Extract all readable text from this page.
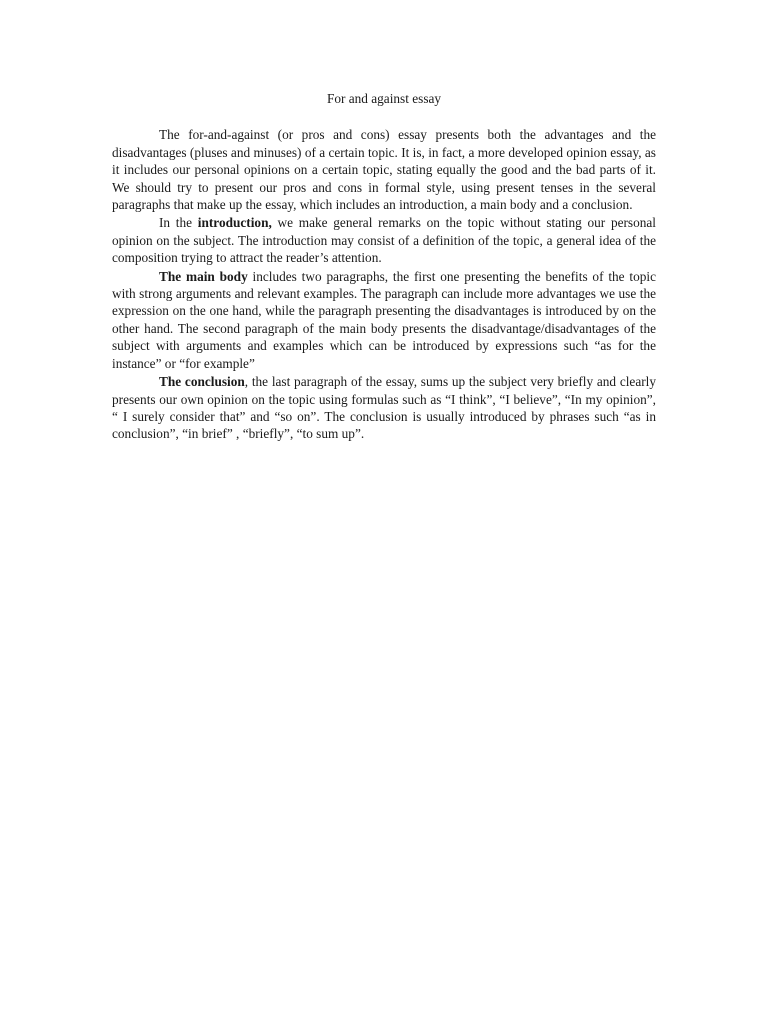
For and against essay

The for-and-against (or pros and cons) essay presents both the advantages and the disadvantages (pluses and minuses) of a certain topic. It is, in fact, a more developed opinion essay, as it includes our personal opinions on a certain topic, stating equally the good and the bad parts of it. We should try to present our pros and cons in formal style, using present tenses in the several paragraphs that make up the essay, which includes an introduction, a main body and a conclusion.

In the introduction, we make general remarks on the topic without stating our personal opinion on the subject. The introduction may consist of a definition of the topic, a general idea of the composition trying to attract the reader’s attention.

The main body includes two paragraphs, the first one presenting the benefits of the topic with strong arguments and relevant examples. The paragraph can include more advantages we use the expression on the one hand, while the paragraph presenting the disadvantages is introduced by on the other hand. The second paragraph of the main body presents the disadvantage/disadvantages of the subject with arguments and examples which can be introduced by expressions such “as for the instance” or “for example”

The conclusion, the last paragraph of the essay, sums up the subject very briefly and clearly presents our own opinion on the topic using formulas such as “I think”, “I believe”, “In my opinion”, “ I surely consider that” and “so on”. The conclusion is usually introduced by phrases such “as in conclusion”, “in brief” , “briefly”, “to sum up”.
